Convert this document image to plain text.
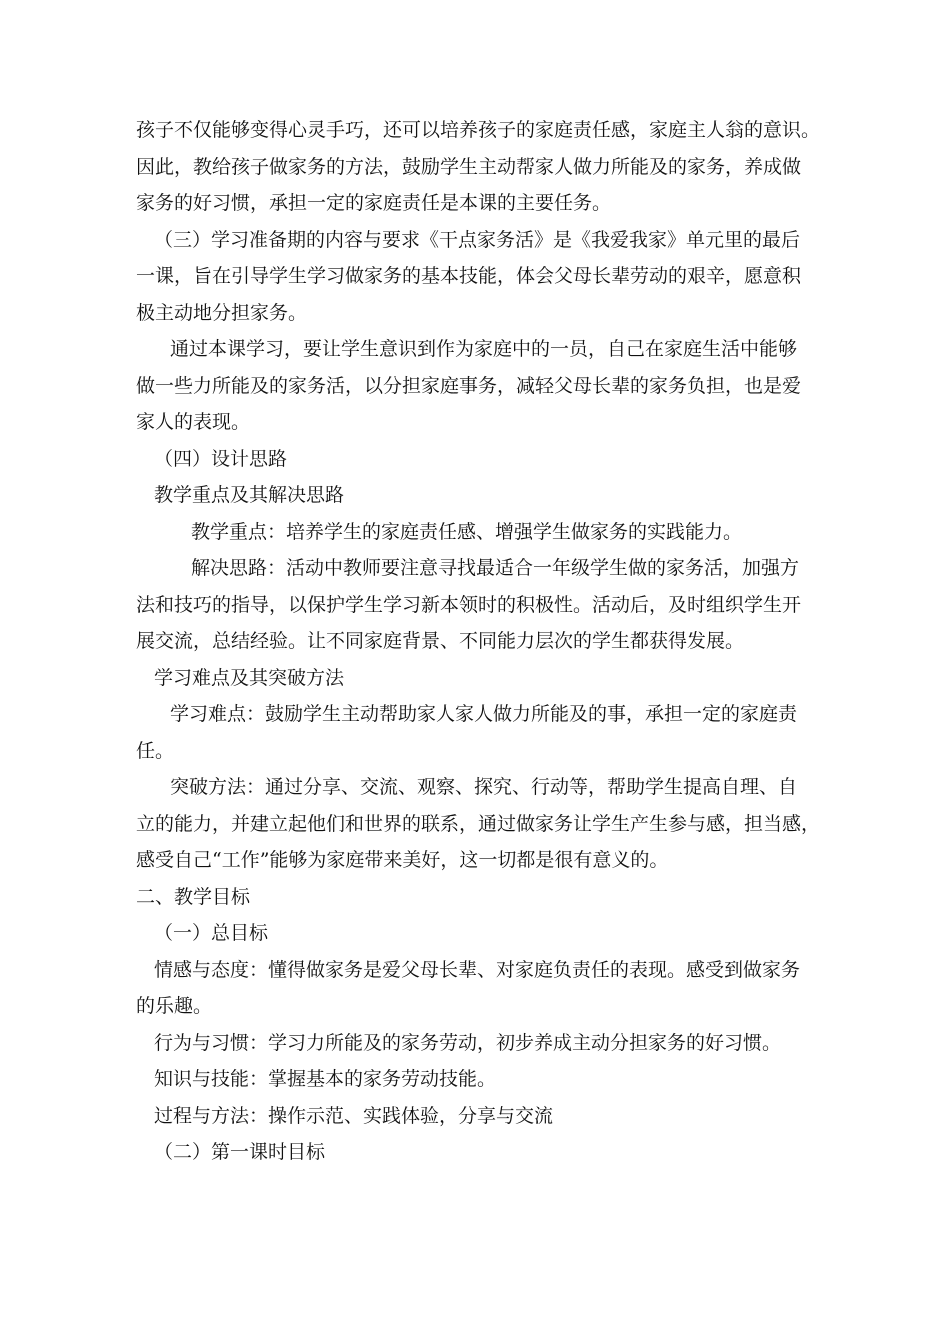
孩子不仅能够变得心灵手巧，还可以培养孩子的家庭责任感，家庭主人翁的意识。
因此，教给孩子做家务的方法，鼓励学生主动帮家人做力所能及的家务，养成做
家务的好习惯，承担一定的家庭责任是本课的主要任务。
（三）学习准备期的内容与要求《干点家务活》是《我爱我家》单元里的最后
一课，旨在引导学生学习做家务的基本技能，体会父母长辈劳动的艰辛，愿意积
极主动地分担家务。
通过本课学习，要让学生意识到作为家庭中的一员，自己在家庭生活中能够
做一些力所能及的家务活，以分担家庭事务，减轻父母长辈的家务负担，也是爱
家人的表现。
（四）设计思路
教学重点及其解决思路
教学重点：培养学生的家庭责任感、增强学生做家务的实践能力。
解决思路：活动中教师要注意寻找最适合一年级学生做的家务活，加强方
法和技巧的指导，以保护学生学习新本领时的积极性。活动后，及时组织学生开
展交流，总结经验。让不同家庭背景、不同能力层次的学生都获得发展。
学习难点及其突破方法
学习难点：鼓励学生主动帮助家人家人做力所能及的事，承担一定的家庭责
任。
突破方法：通过分享、交流、观察、探究、行动等，帮助学生提高自理、自
立的能力，并建立起他们和世界的联系，通过做家务让学生产生参与感，担当感，
感受自己“工作”能够为家庭带来美好，这一切都是很有意义的。
二、教学目标
（一）总目标
情感与态度：懂得做家务是爱父母长辈、对家庭负责任的表现。感受到做家务
的乐趣。
行为与习惯：学习力所能及的家务劳动，初步养成主动分担家务的好习惯。
知识与技能：掌握基本的家务劳动技能。
过程与方法：操作示范、实践体验，分享与交流
（二）第一课时目标
